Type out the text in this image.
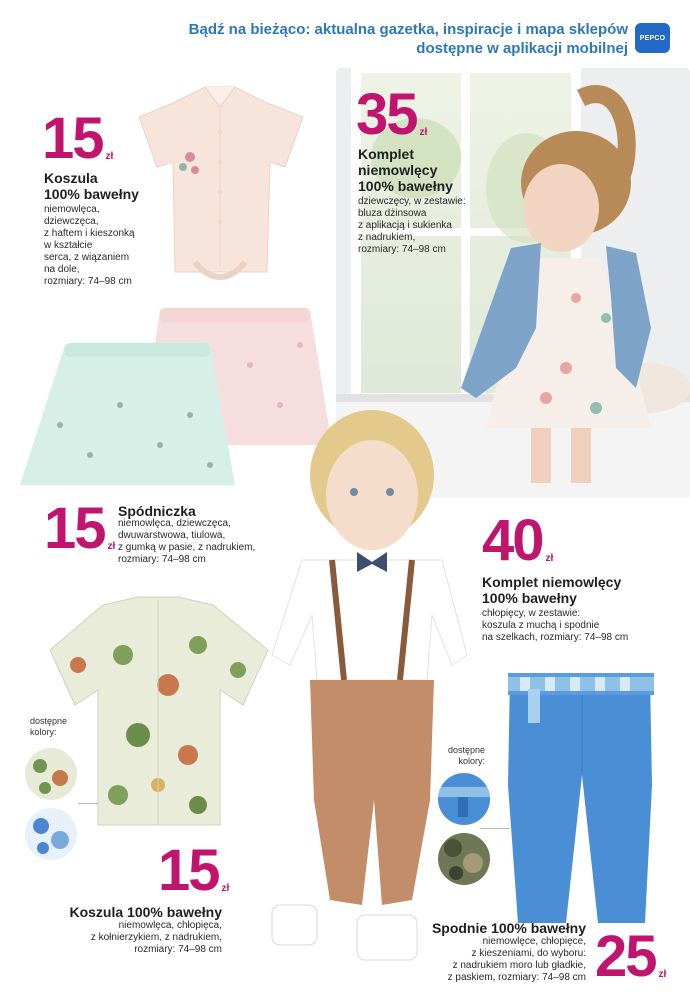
Bądź na bieżąco: aktualna gazetka, inspiracje i mapa sklepów

dostępne w aplikacji mobilnej

PEPCO
15 zł

Koszula

100% bawełny

niemowlęca,

dziewczęca,

z haftem i kieszonką

w kształcie

serca, z wiązaniem

na dole,

rozmiary: 74–98 cm

35 zł

Komplet

niemowlęcy

100% bawełny

dziewczęcy, w zestawie:

bluza dżinsowa

z aplikacją i sukienka

z nadrukiem,

rozmiary: 74–98 cm

15 zł

Spódniczka

niemowlęca, dziewczęca,

dwuwarstwowa, tiulowa,

z gumką w pasie, z nadrukiem,

rozmiary: 74–98 cm	40 zł

Komplet niemowlęcy

100% bawełny

chłopięcy, w zestawie:

koszula z muchą i spodnie

na szelkach, rozmiary: 74–98 cm

dostępne

kolory:

15 zł

Koszula 100% bawełny

niemowlęca, chłopięca,

z kołnierzykiem, z nadrukiem,

rozmiary: 74–98 cm

dostępne

kolory:

Spodnie 100% bawełny

niemowlęce, chłopięce,

z kieszeniami, do wyboru:

z nadrukiem moro lub gładkie,

z paskiem, rozmiary: 74–98 cm 25 zł
